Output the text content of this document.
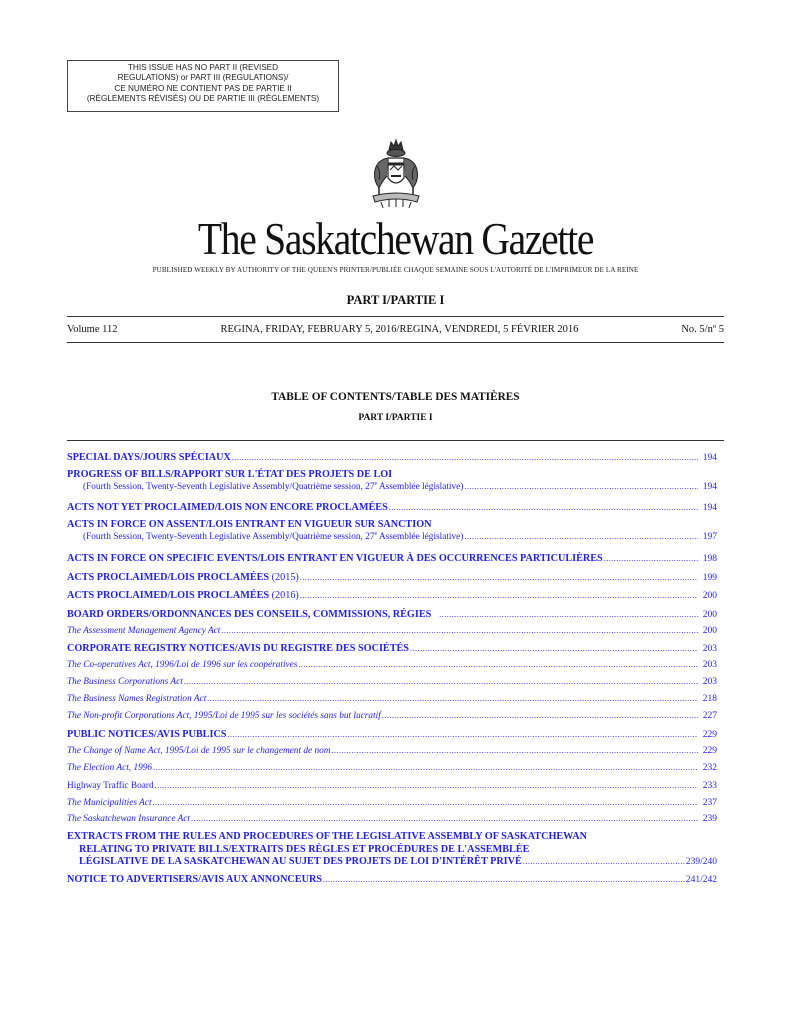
THIS ISSUE HAS NO PART II (REVISED
REGULATIONS) or PART III (REGULATIONS)/
CE NUMÉRO NE CONTIENT PAS DE PARTIE II
(RÈGLEMENTS RÉVISÉS) OU DE PARTIE III (RÈGLEMENTS)
The Saskatchewan Gazette
PUBLISHED WEEKLY BY AUTHORITY OF THE QUEEN'S PRINTER/PUBLIÉE CHAQUE SEMAINE SOUS L'AUTORITÉ DE L'IMPRIMEUR DE LA REINE
PART I/PARTIE I
Volume 112	REGINA, FRIDAY, FEBRUARY 5, 2016/REGINA, VENDREDI, 5 FÉVRIER 2016	No. 5/nº 5
TABLE OF CONTENTS/TABLE DES MATIÈRES
PART I/PARTIE I
SPECIAL DAYS/JOURS SPÉCIAUX .....	194
PROGRESS OF BILLS/RAPPORT SUR L'ÉTAT DES PROJETS DE LOI
(Fourth Session, Twenty-Seventh Legislative Assembly/Quatrième session, 27e Assemblée législative) .....	194
ACTS NOT YET PROCLAIMED/LOIS NON ENCORE PROCLAMÉES .....	194
ACTS IN FORCE ON ASSENT/LOIS ENTRANT EN VIGUEUR SUR SANCTION
(Fourth Session, Twenty-Seventh Legislative Assembly/Quatrième session, 27e Assemblée législative) .....	197
ACTS IN FORCE ON SPECIFIC EVENTS/LOIS ENTRANT EN VIGUEUR À DES OCCURRENCES PARTICULIÈRES .....	198
ACTS PROCLAIMED/LOIS PROCLAMÉES (2015) .....	199
ACTS PROCLAIMED/LOIS PROCLAMÉES (2016) .....	200
BOARD ORDERS/ORDONNANCES DES CONSEILS, COMMISSIONS, RÉGIES .....	200
The Assessment Management Agency Act .....	200
CORPORATE REGISTRY NOTICES/AVIS DU REGISTRE DES SOCIÉTÉS .....	203
The Co-operatives Act, 1996/Loi de 1996 sur les coopératives .....	203
The Business Corporations Act .....	203
The Business Names Registration Act .....	218
The Non-profit Corporations Act, 1995/Loi de 1995 sur les sociétés sans but lucratif .....	227
PUBLIC NOTICES/AVIS PUBLICS .....	229
The Change of Name Act, 1995/Loi de 1995 sur le changement de nom .....	229
The Election Act, 1996 .....	232
Highway Traffic Board .....	233
The Municipalities Act .....	237
The Saskatchewan Insurance Act .....	239
EXTRACTS FROM THE RULES AND PROCEDURES OF THE LEGISLATIVE ASSEMBLY OF SASKATCHEWAN
RELATING TO PRIVATE BILLS/EXTRAITS DES RÈGLES ET PROCÉDURES DE L'ASSEMBLÉE
LÉGISLATIVE DE LA SASKATCHEWAN AU SUJET DES PROJETS DE LOI D'INTÉRÊT PRIVÉ .....	239/240
NOTICE TO ADVERTISERS/AVIS AUX ANNONCEURS .....	241/242
